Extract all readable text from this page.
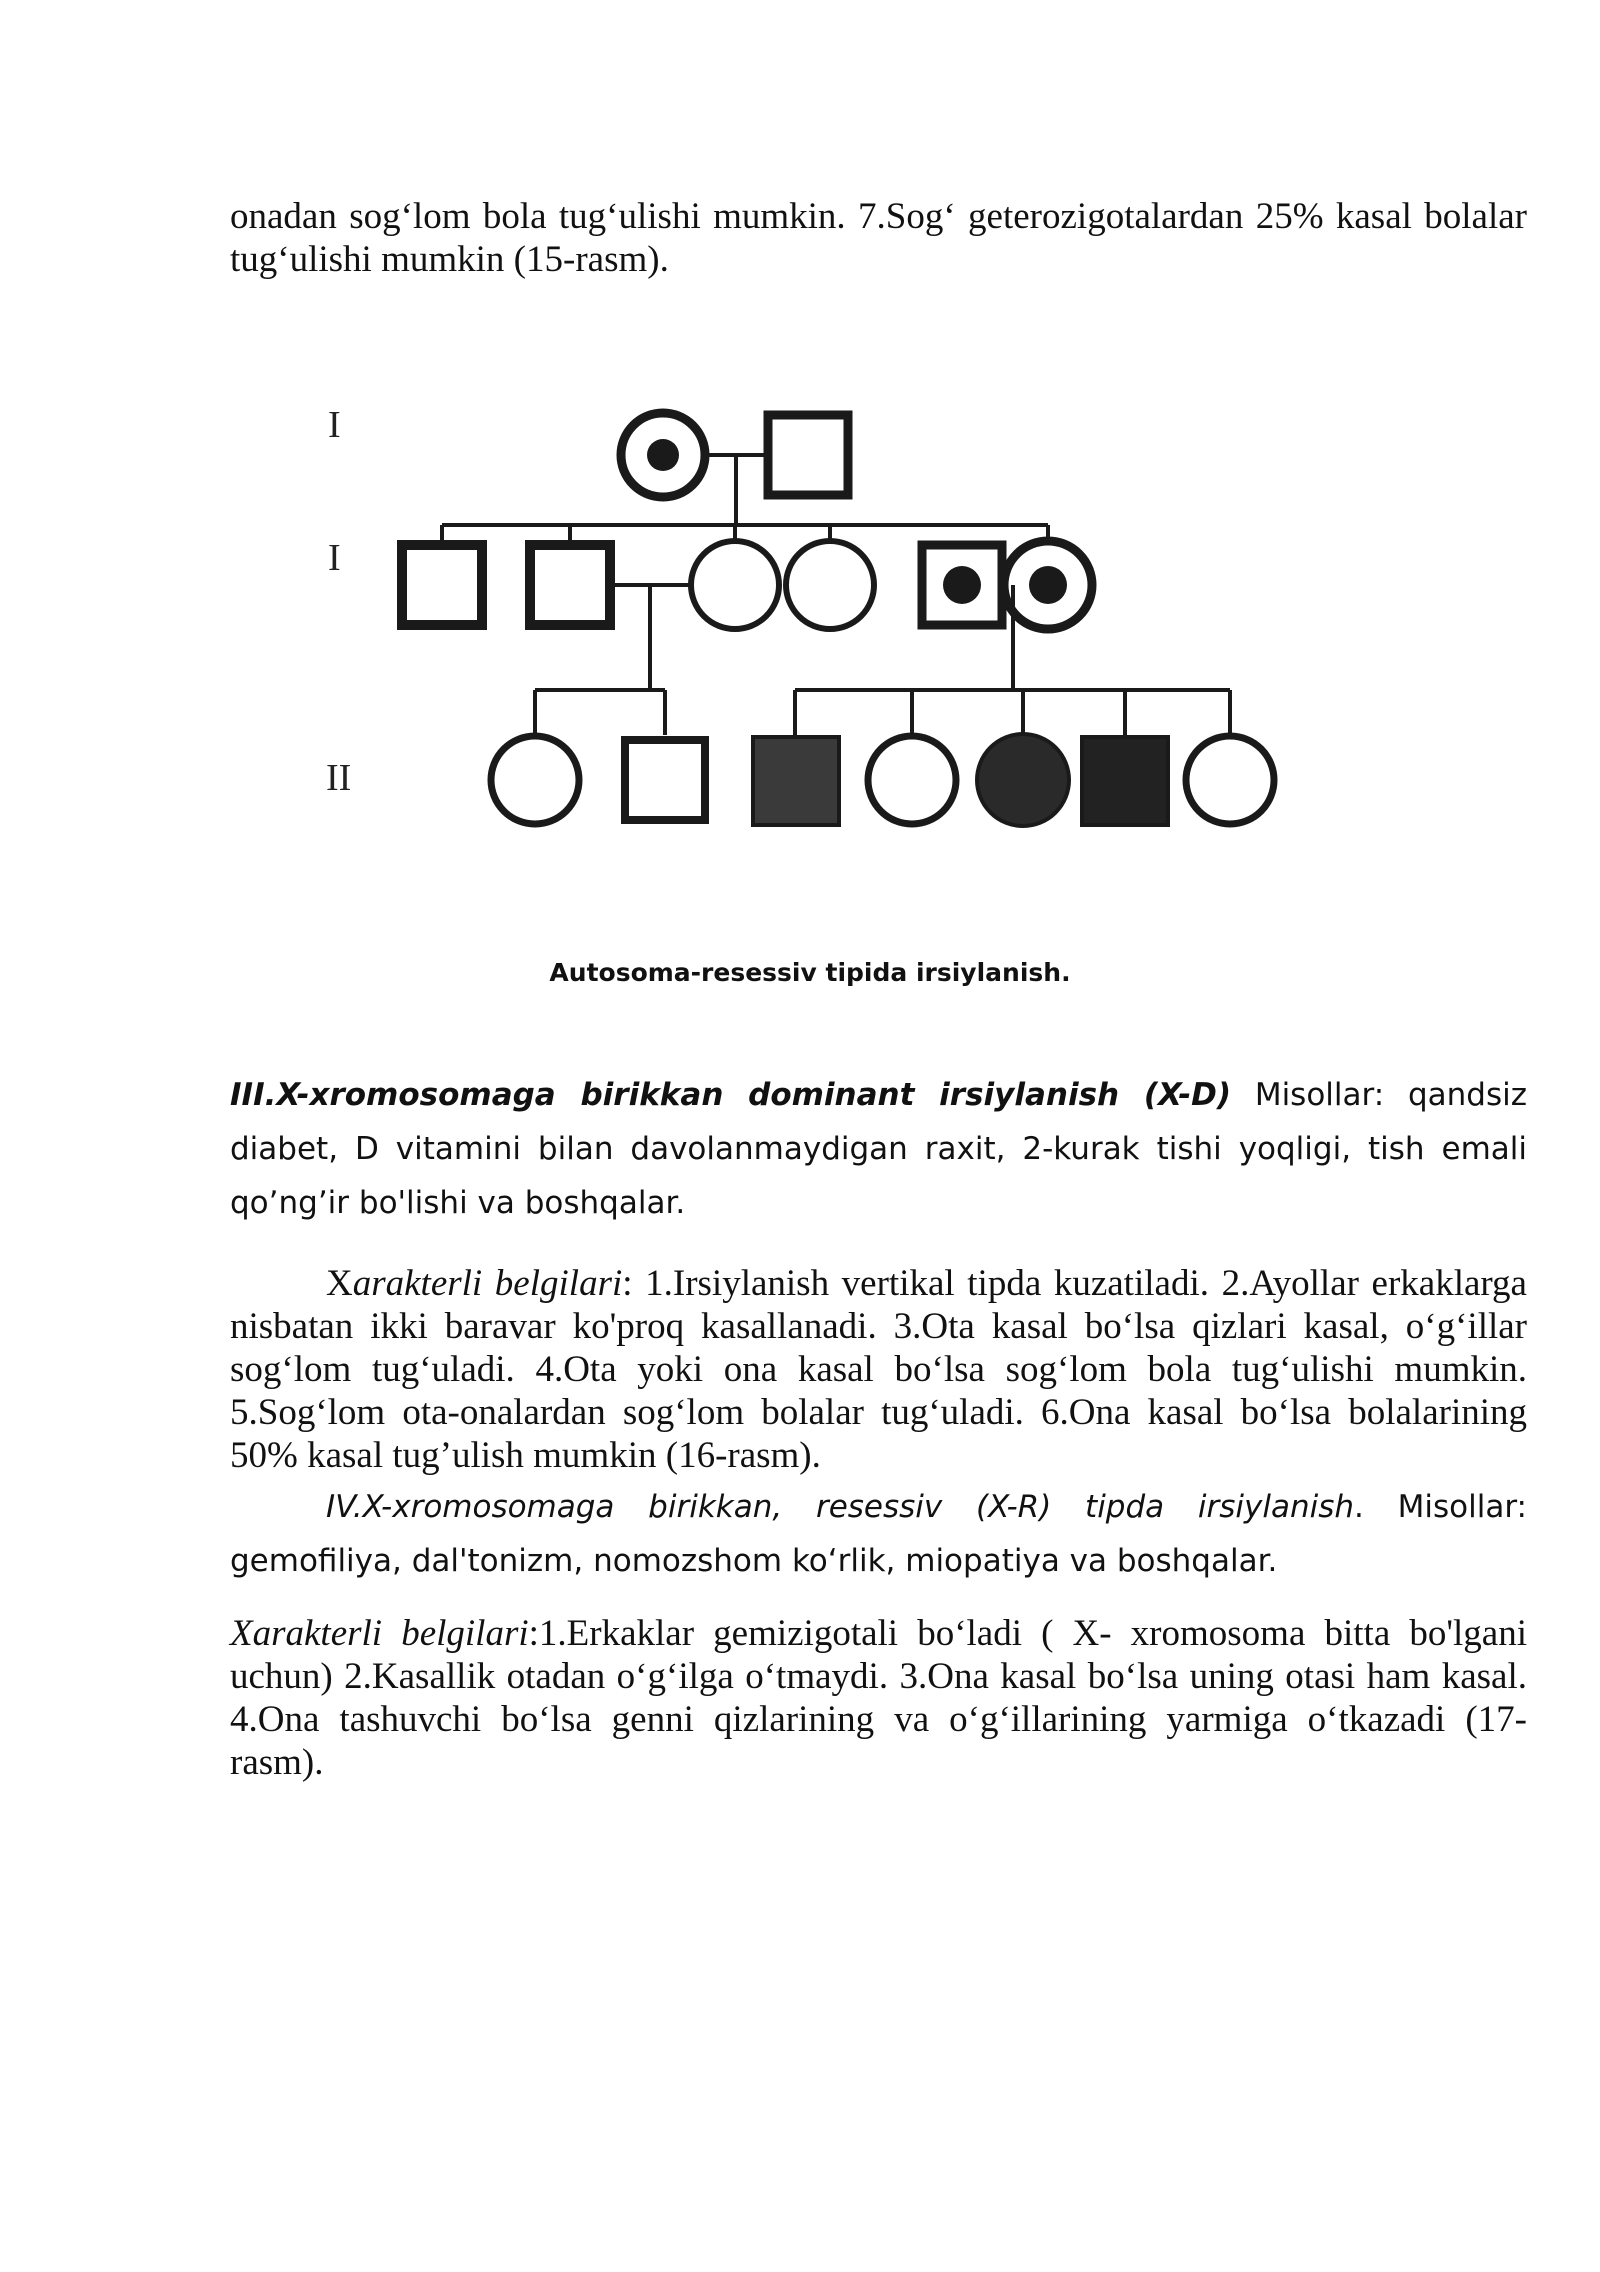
onadan sog‘lom bola tug‘ulishi mumkin. 7.Sog‘ geterozigotalardan 25% kasal bolalar tug‘ulishi mumkin (15-rasm).

I
I
II
Autosoma-resessiv tipida irsiylanish.

III.X-xromosomaga birikkan dominant irsiylanish (X-D) Misollar: qandsiz diabet, D vitamini bilan davolanmaydigan raxit, 2-kurak tishi yoqligi, tish emali qo’ng’ir bo'lishi va boshqalar.

Xarakterli belgilari: 1.Irsiylanish vertikal tipda kuzatiladi. 2.Ayollar erkaklarga nisbatan ikki baravar ko'proq kasallanadi. 3.Ota kasal bo‘lsa qizlari kasal, o‘g‘illar sog‘lom tug‘uladi. 4.Ota yoki ona kasal bo‘lsa sog‘lom bola tug‘ulishi mumkin. 5.Sog‘lom ota-onalardan sog‘lom bolalar tug‘uladi. 6.Ona kasal bo‘lsa bolalarining 50% kasal tug’ulish mumkin (16-rasm).

IV.X-xromosomaga birikkan, resessiv (X-R) tipda irsiylanish. Misollar: gemofiliya, dal'tonizm, nomozshom ko‘rlik, miopatiya va boshqalar.

Xarakterli belgilari:1.Erkaklar gemizigotali bo‘ladi ( X- xromosoma bitta bo'lgani uchun) 2.Kasallik otadan o‘g‘ilga o‘tmaydi. 3.Ona kasal bo‘lsa uning otasi ham kasal. 4.Ona tashuvchi bo‘lsa genni qizlarining va o‘g‘illarining yarmiga o‘tkazadi (17- rasm).
